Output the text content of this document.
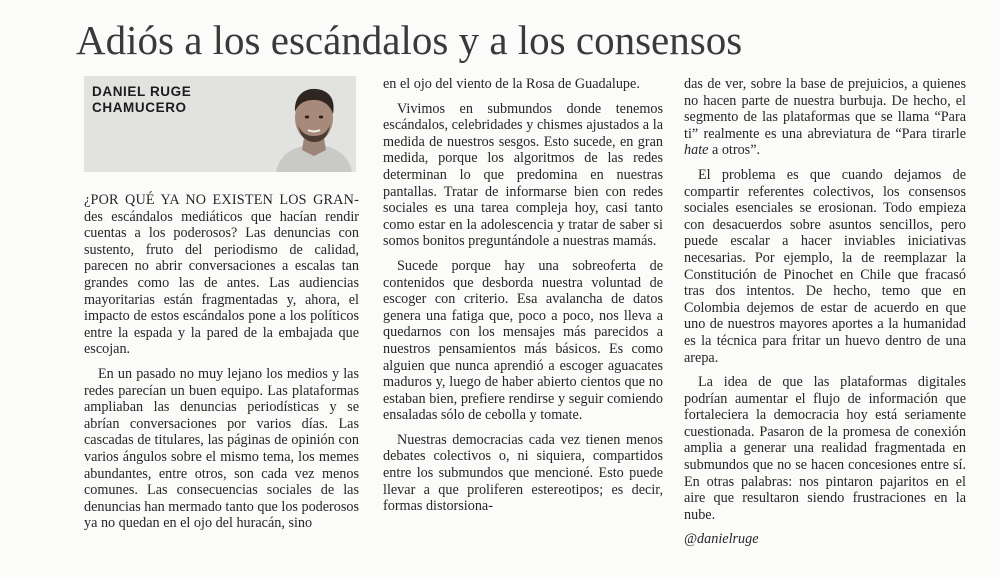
Adiós a los escándalos y a los consensos
DANIEL RUGE
CHAMUCERO

¿POR QUÉ YA NO EXISTEN LOS GRAN- des escándalos mediáticos que hacían rendir cuentas a los poderosos? Las denuncias con sustento, fruto del periodismo de calidad, parecen no abrir conversaciones a escalas tan grandes como las de antes. Las audiencias mayoritarias están fragmentadas y, ahora, el impacto de estos escándalos pone a los políticos entre la espada y la pared de la embajada que escojan.

En un pasado no muy lejano los medios y las redes parecían un buen equipo. Las plataformas ampliaban las denuncias periodísticas y se abrían conversaciones por varios días. Las cascadas de titulares, las páginas de opinión con varios ángulos sobre el mismo tema, los memes abundantes, entre otros, son cada vez menos comunes. Las consecuencias sociales de las denuncias han mermado tanto que los poderosos ya no quedan en el ojo del huracán, sino

en el ojo del viento de la Rosa de Guadalupe.

Vivimos en submundos donde tenemos escándalos, celebridades y chismes ajustados a la medida de nuestros sesgos. Esto sucede, en gran medida, porque los algoritmos de las redes determinan lo que predomina en nuestras pantallas. Tratar de informarse bien con redes sociales es una tarea compleja hoy, casi tanto como estar en la adolescencia y tratar de saber si somos bonitos preguntándole a nuestras mamás.

Sucede porque hay una sobreoferta de contenidos que desborda nuestra voluntad de escoger con criterio. Esa avalancha de datos genera una fatiga que, poco a poco, nos lleva a quedarnos con los mensajes más parecidos a nuestros pensamientos más básicos. Es como alguien que nunca aprendió a escoger aguacates maduros y, luego de haber abierto cientos que no estaban bien, prefiere rendirse y seguir comiendo ensaladas sólo de cebolla y tomate.

Nuestras democracias cada vez tienen menos debates colectivos o, ni siquiera, compartidos entre los submundos que mencioné. Esto puede llevar a que proliferen estereotipos; es decir, formas distorsiona-

das de ver, sobre la base de prejuicios, a quienes no hacen parte de nuestra burbuja. De hecho, el segmento de las plataformas que se llama “Para ti” realmente es una abreviatura de “Para tirarle hate a otros”.

El problema es que cuando dejamos de compartir referentes colectivos, los consensos sociales esenciales se erosionan. Todo empieza con desacuerdos sobre asuntos sencillos, pero puede escalar a hacer inviables iniciativas necesarias. Por ejemplo, la de reemplazar la Constitución de Pinochet en Chile que fracasó tras dos intentos. De hecho, temo que en Colombia dejemos de estar de acuerdo en que uno de nuestros mayores aportes a la humanidad es la técnica para fritar un huevo dentro de una arepa.

La idea de que las plataformas digitales podrían aumentar el flujo de información que fortaleciera la democracia hoy está seriamente cuestionada. Pasaron de la promesa de conexión amplia a generar una realidad fragmentada en submundos que no se hacen concesiones entre sí. En otras palabras: nos pintaron pajaritos en el aire que resultaron siendo frustraciones en la nube.

@danielruge
